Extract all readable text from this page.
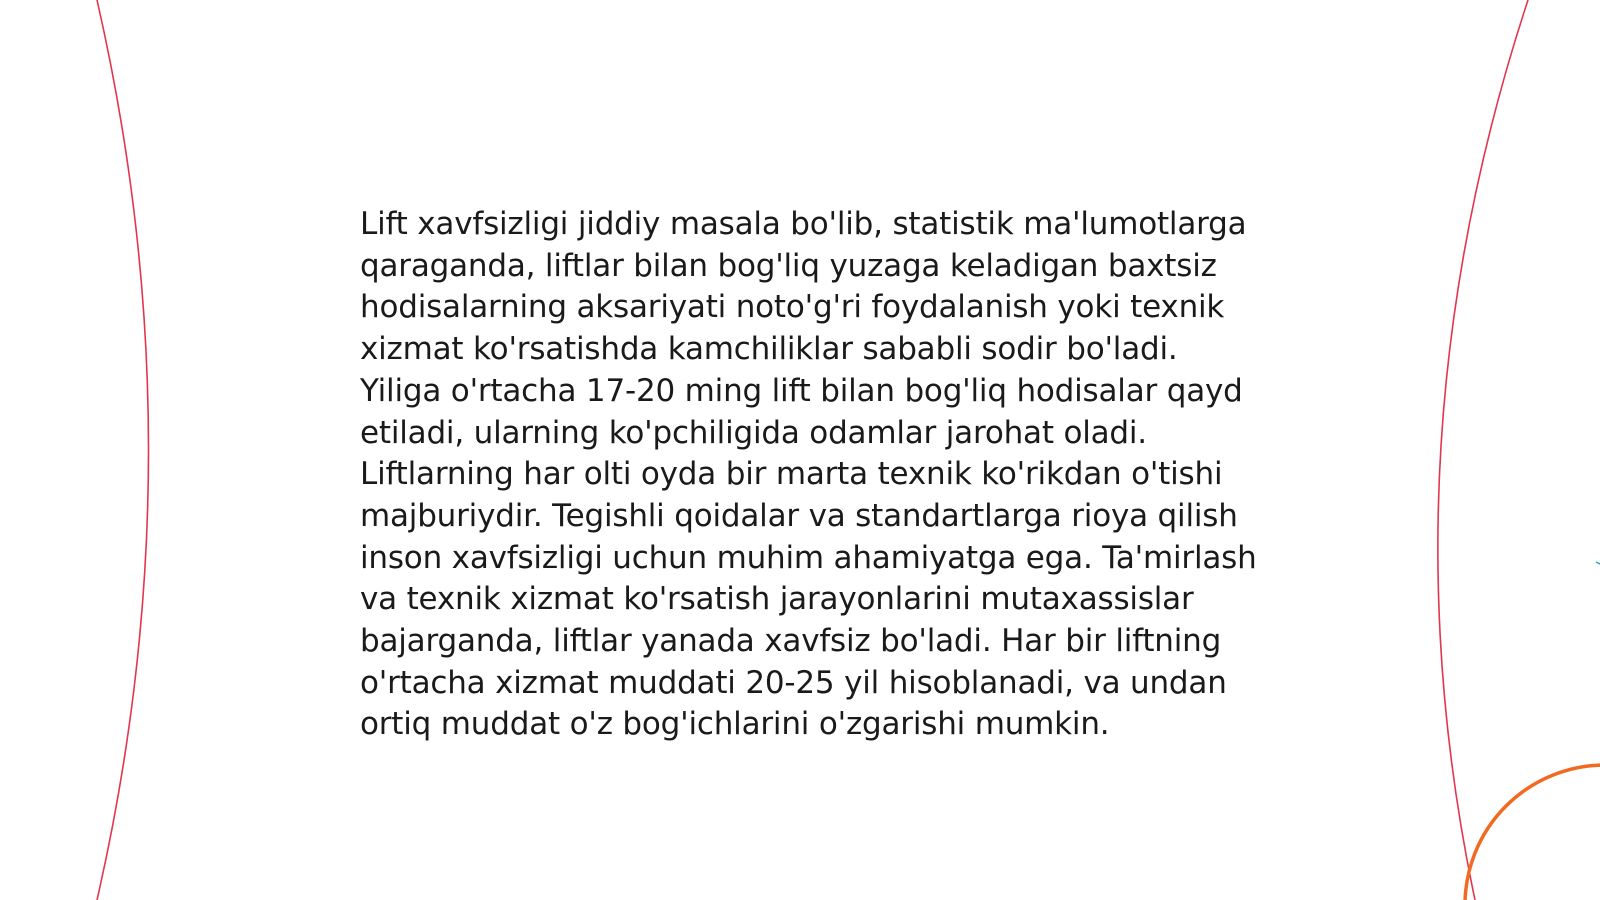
Lift xavfsizligi jiddiy masala bo'lib, statistik ma'lumotlarga qaraganda, liftlar bilan bog'liq yuzaga keladigan baxtsiz hodisalarning aksariyati noto'g'ri foydalanish yoki texnik xizmat ko'rsatishda kamchiliklar sababli sodir bo'ladi. Yiliga o'rtacha 17-20 ming lift bilan bog'liq hodisalar qayd etiladi, ularning ko'pchiligida odamlar jarohat oladi. Liftlarning har olti oyda bir marta texnik ko'rikdan o'tishi majburiydir. Tegishli qoidalar va standartlarga rioya qilish inson xavfsizligi uchun muhim ahamiyatga ega. Ta'mirlash va texnik xizmat ko'rsatish jarayonlarini mutaxassislar bajarganda, liftlar yanada xavfsiz bo'ladi. Har bir liftning o'rtacha xizmat muddati 20-25 yil hisoblanadi, va undan ortiq muddat o'z bog'ichlarini o'zgarishi mumkin.
